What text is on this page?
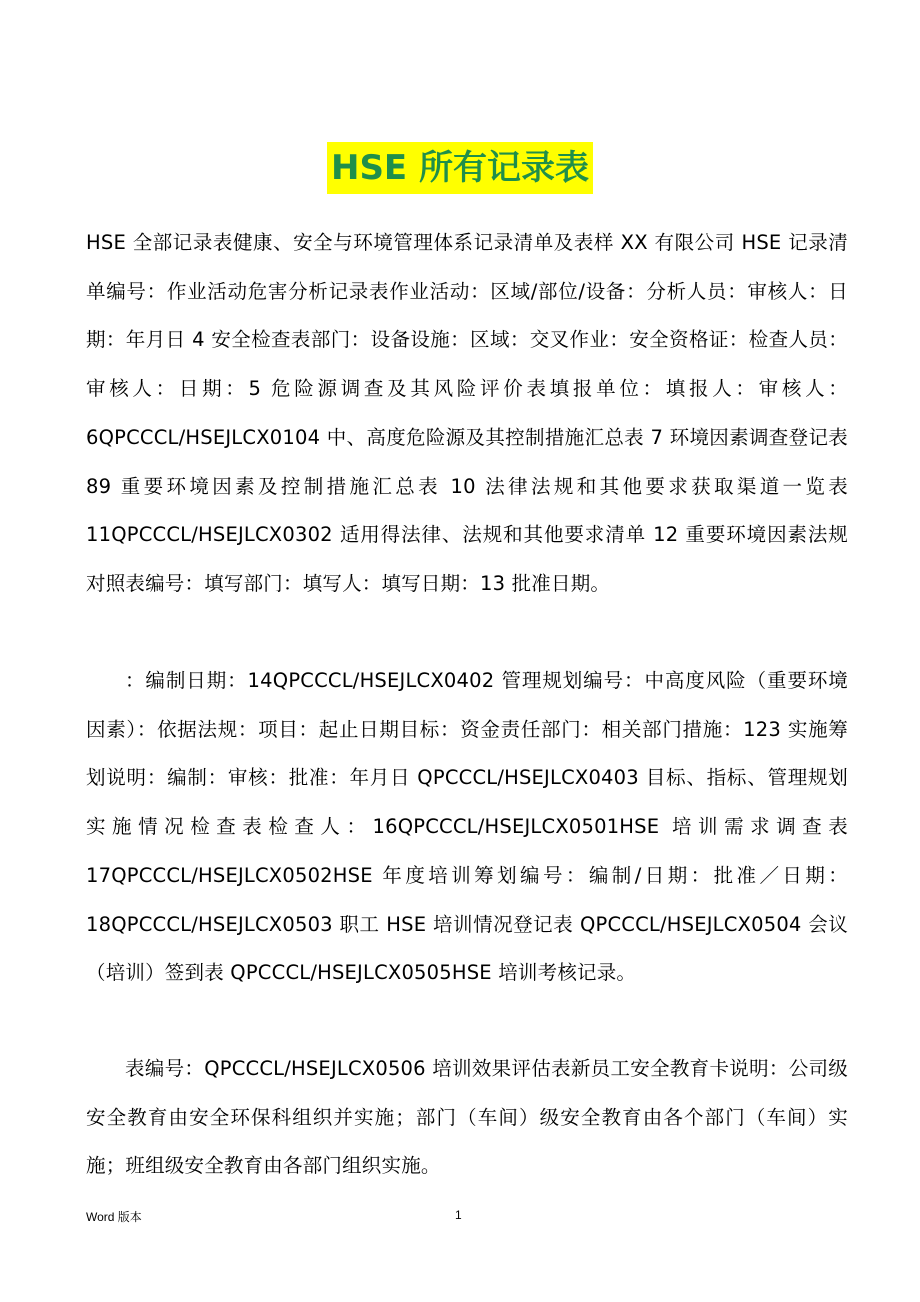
HSE 所有记录表
HSE 全部记录表健康、安全与环境管理体系记录清单及表样 XX 有限公司 HSE 记录清单编号：作业活动危害分析记录表作业活动：区域/部位/设备：分析人员：审核人：日期：年月日 4 安全检查表部门：设备设施：区域：交叉作业：安全资格证：检查人员：审核人：日期：5 危险源调查及其风险评价表填报单位：填报人：审核人：6QPCCCL/HSEJLCX0104 中、高度危险源及其控制措施汇总表 7 环境因素调查登记表 89 重要环境因素及控制措施汇总表 10 法律法规和其他要求获取渠道一览表 11QPCCCL/HSEJLCX0302 适用得法律、法规和其他要求清单 12 重要环境因素法规对照表编号：填写部门：填写人：填写日期：13 批准日期。
：编制日期：14QPCCCL/HSEJLCX0402 管理规划编号：中高度风险（重要环境因素）：依据法规：项目：起止日期目标：资金责任部门：相关部门措施：123 实施筹划说明：编制：审核：批准：年月日 QPCCCL/HSEJLCX0403 目标、指标、管理规划实施情况检查表检查人：16QPCCCL/HSEJLCX0501HSE 培训需求调查表 17QPCCCL/HSEJLCX0502HSE 年度培训筹划编号：编制/日期：批准／日期：18QPCCCL/HSEJLCX0503 职工 HSE 培训情况登记表 QPCCCL/HSEJLCX0504 会议（培训）签到表 QPCCCL/HSEJLCX0505HSE 培训考核记录。
表编号：QPCCCL/HSEJLCX0506 培训效果评估表新员工安全教育卡说明：公司级安全教育由安全环保科组织并实施；部门（车间）级安全教育由各个部门（车间）实施；班组级安全教育由各部门组织实施。
Word 版本	1
